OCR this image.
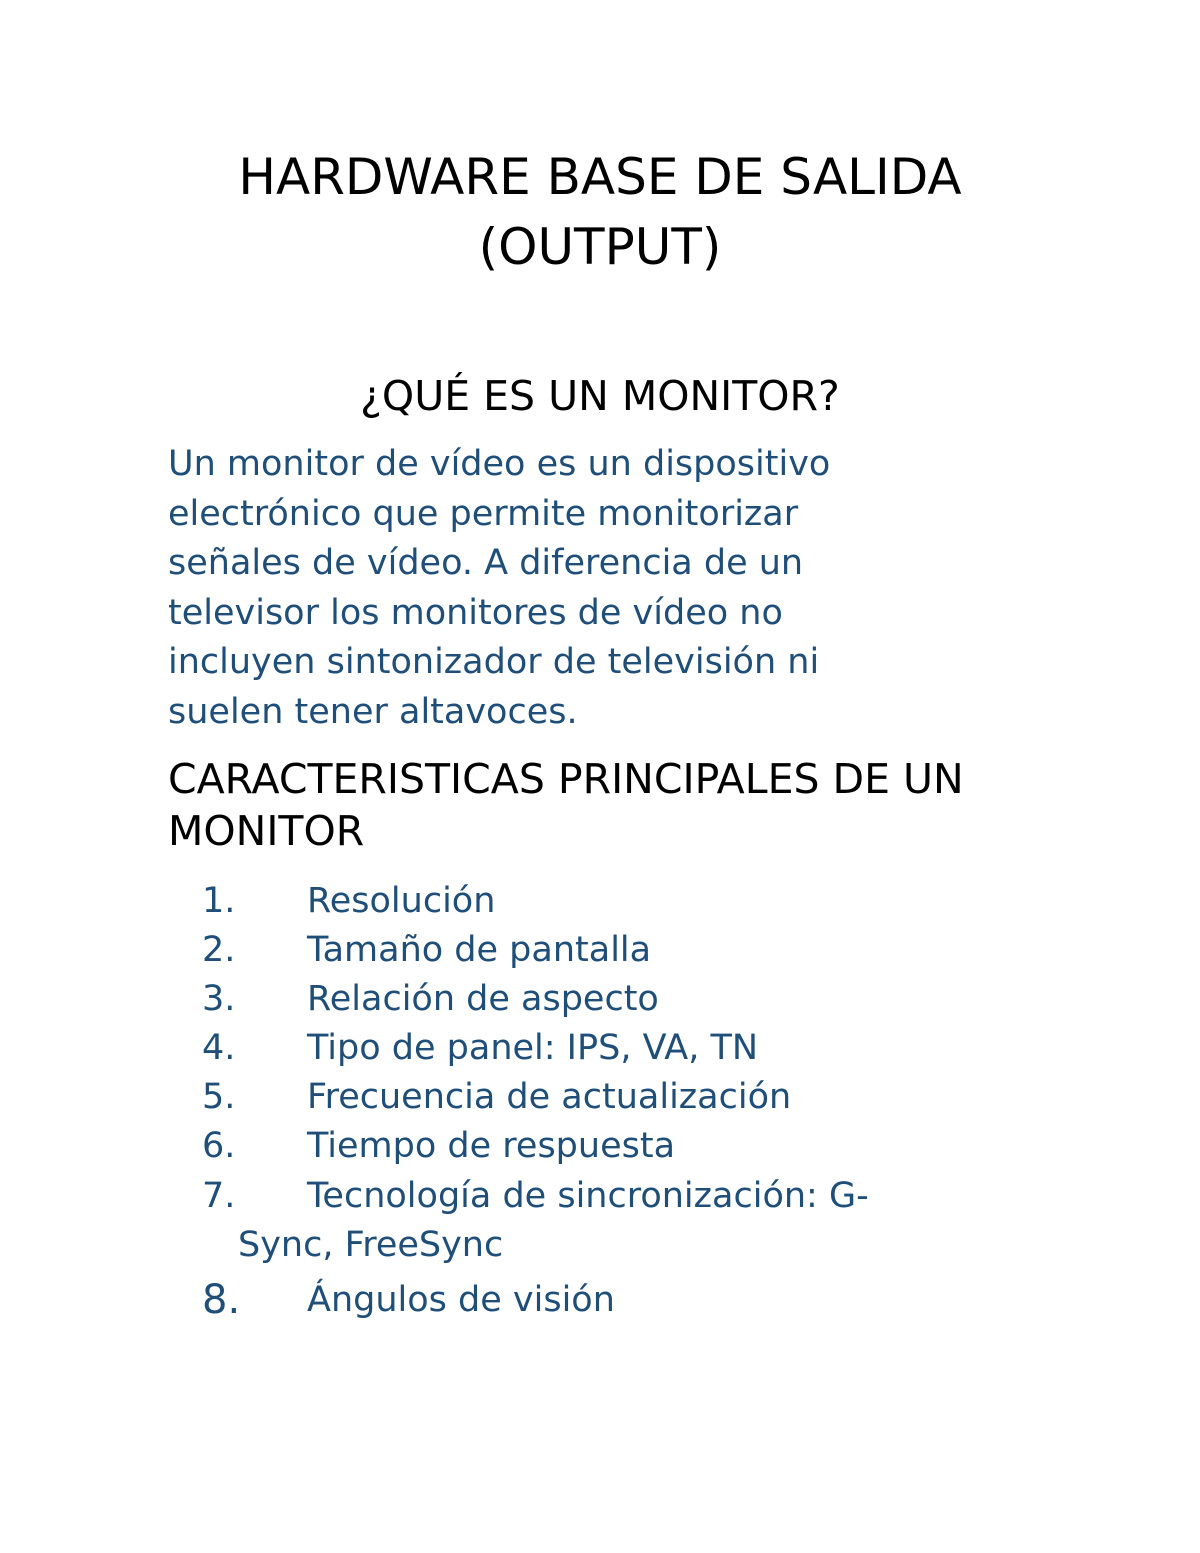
HARDWARE BASE DE SALIDA
(OUTPUT)
¿QUÉ ES UN MONITOR?

Un monitor de vídeo es un dispositivo
electrónico que permite monitorizar
señales de vídeo. A diferencia de un
televisor los monitores de vídeo no
incluyen sintonizador de televisión ni
suelen tener altavoces.

CARACTERISTICAS PRINCIPALES DE UN
MONITOR
1. Resolución
2. Tamaño de pantalla
3. Relación de aspecto
4. Tipo de panel: IPS, VA, TN
5. Frecuencia de actualización
6. Tiempo de respuesta
7. Tecnología de sincronización: G-
Sync, FreeSync
8. Ángulos de visión
